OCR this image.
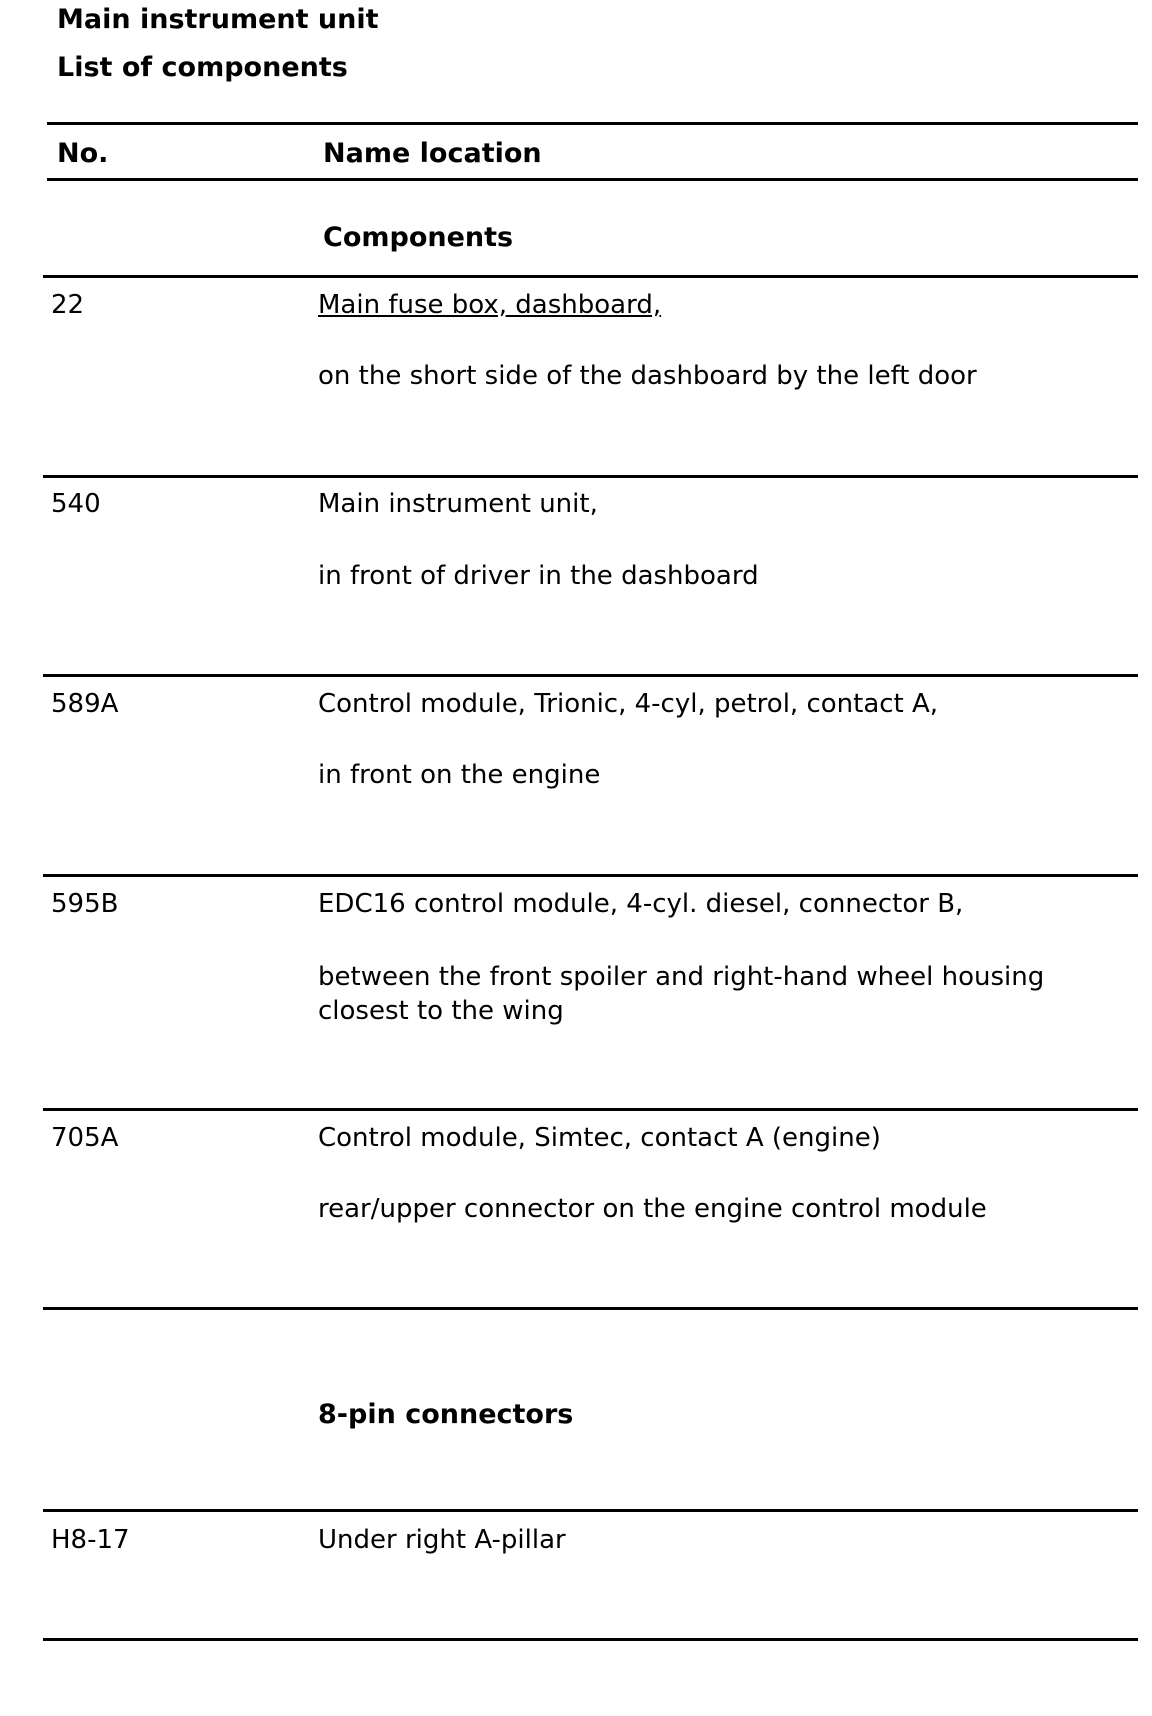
Main instrument unit
List of components
No.	Name location
Components
22	Main fuse box, dashboard,
on the short side of the dashboard by the left door
540	Main instrument unit,
in front of driver in the dashboard
589A	Control module, Trionic, 4-cyl, petrol, contact A,
in front on the engine
595B	EDC16 control module, 4-cyl. diesel, connector B,
between the front spoiler and right-hand wheel housing closest to the wing
705A	Control module, Simtec, contact A (engine)
rear/upper connector on the engine control module
8-pin connectors
H8-17	Under right A-pillar
